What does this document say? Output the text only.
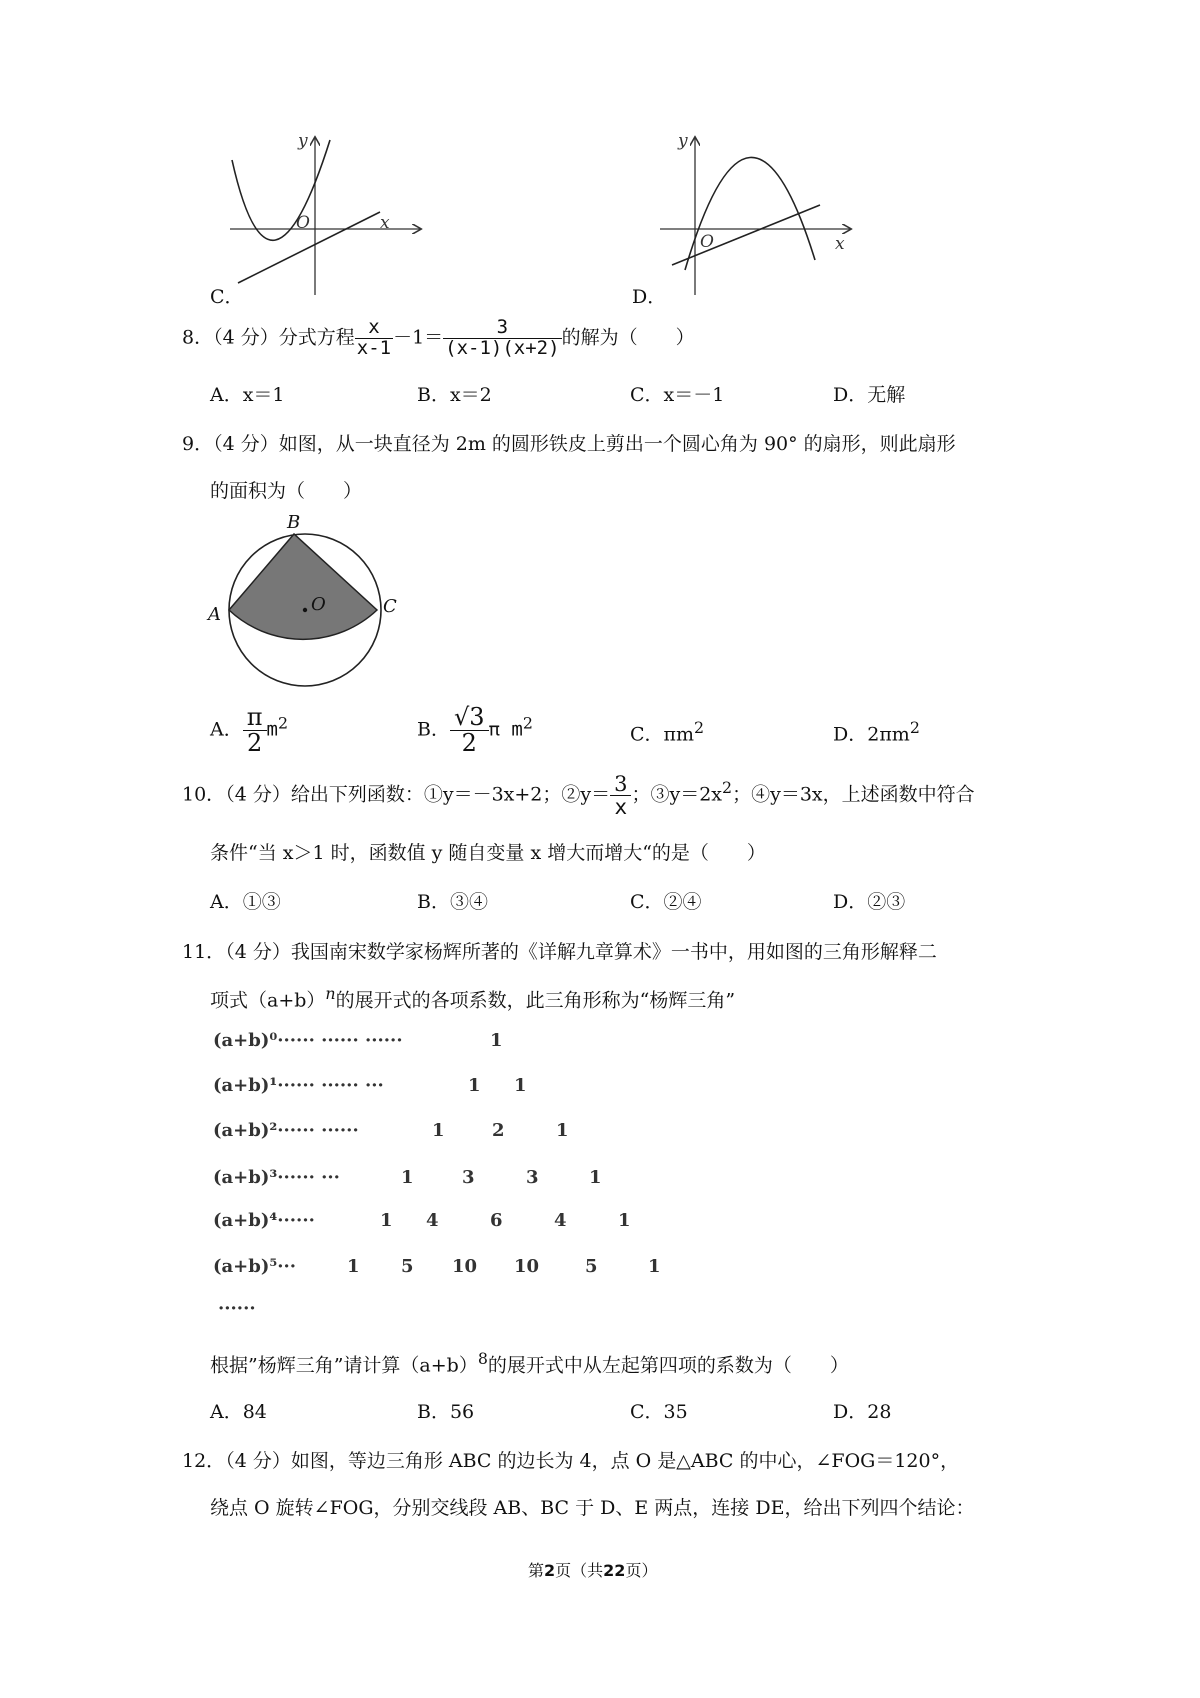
y
x
O
C．
y
x
O
D．
8．（4 分）分式方程 $\frac{x}{x-1} -1= \frac{3}{(x-1)(x+2)}$ 的解为（　　）
A．x＝1	B．x＝2	C．x＝－1	D．无解
9．（4 分）如图，从一块直径为 2m 的圆形铁皮上剪出一个圆心角为 90° 的扇形，则此扇形
的面积为（　　）
B
A	C
O
A． $\frac{\pi}{2} m^2$	B． $\frac{√3}{2}$ π $m^2$
C．$\pi m^2$	D．$2\pi m^2$
10．（4 分）给出下列函数：①y＝－3x+2；②y＝ $\frac{3}{x}$ ；$③y=2x^2$；④y＝3x，上述函数中符合
条件“当 x＞1 时，函数值 y 随自变量 x 增大而增大“的是（　　）
A．①③	B．③④	C．②④	D．②③
11．（4 分）我国南宋数学家杨辉所著的《详解九章算术》一书中，用如图的三角形解释二
项式$(a+b)^n$的展开式的各项系数，此三角形称为“杨辉三角”
(a+b)⁰······ ······ ······	1
(a+b)¹······ ······ ···	1 1
(a+b)²······ ······	1	2	1
(a+b)³······ ···	1	3	3	1
(a+b)⁴······	1 4	6	4	1
(a+b)⁵···	1 5 10 10	5	1
······
根据”杨辉三角”请计算$(a+b)^8$的展开式中从左起第四项的系数为（　　）
A．84	B．56	C．35	D．28
12．（4 分）如图，等边三角形 ABC 的边长为 4，点 O 是△ABC 的中心，∠FOG＝120°，
绕点 O 旋转∠FOG，分别交线段 AB、BC 于 D、E 两点，连接 DE，给出下列四个结论：
第2页（共22页）
